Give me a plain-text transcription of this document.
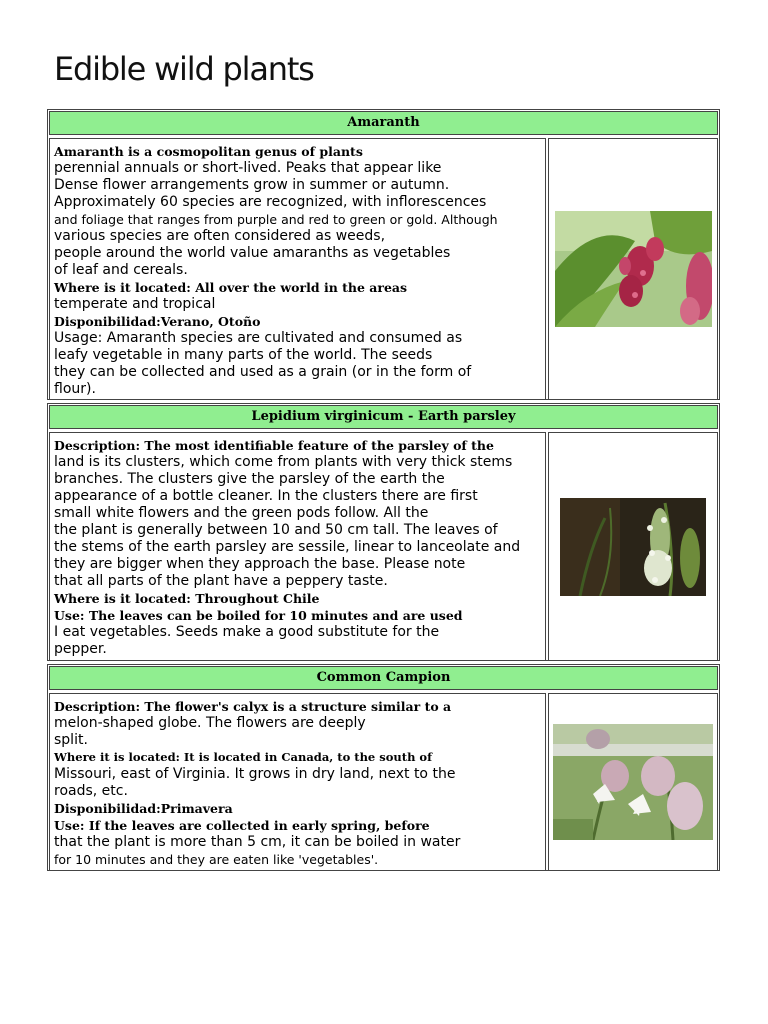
Edible wild plants
Amaranth
Amaranth is a cosmopolitan genus of plants
perennial annuals or short-lived. Peaks that appear like
Dense flower arrangements grow in summer or autumn.
Approximately 60 species are recognized, with inflorescences
and foliage that ranges from purple and red to green or gold. Although
various species are often considered as weeds,
people around the world value amaranths as vegetables
of leaf and cereals.
Where is it located: All over the world in the areas
temperate and tropical
Disponibilidad:Verano, Otoño
Usage: Amaranth species are cultivated and consumed as
leafy vegetable in many parts of the world. The seeds
they can be collected and used as a grain (or in the form of
flour).
Lepidium virginicum - Earth parsley
Description: The most identifiable feature of the parsley of the
land is its clusters, which come from plants with very thick stems
branches. The clusters give the parsley of the earth the
appearance of a bottle cleaner. In the clusters there are first
small white flowers and the green pods follow. All the
the plant is generally between 10 and 50 cm tall. The leaves of
the stems of the earth parsley are sessile, linear to lanceolate and
they are bigger when they approach the base. Please note
that all parts of the plant have a peppery taste.
Where is it located: Throughout Chile
Use: The leaves can be boiled for 10 minutes and are used
I eat vegetables. Seeds make a good substitute for the
pepper.
Common Campion
Description: The flower's calyx is a structure similar to a
melon-shaped globe. The flowers are deeply
split.
Where it is located: It is located in Canada, to the south of
Missouri, east of Virginia. It grows in dry land, next to the
roads, etc.
Disponibilidad:Primavera
Use: If the leaves are collected in early spring, before
that the plant is more than 5 cm, it can be boiled in water
for 10 minutes and they are eaten like 'vegetables'.
